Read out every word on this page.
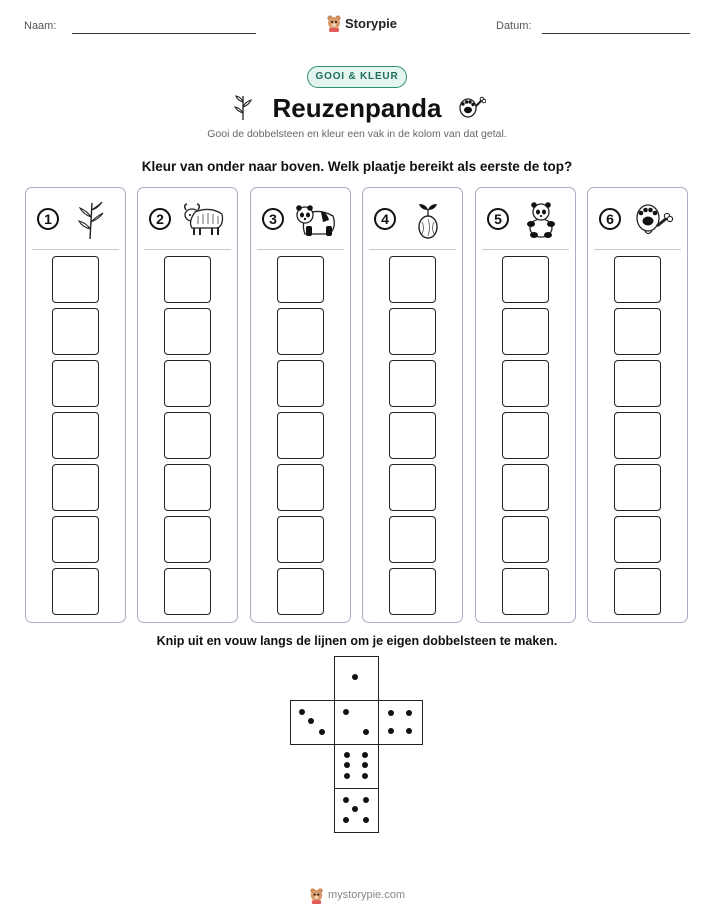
Naam:	Storypie	Datum:
GOOI & KLEUR
Reuzenpanda
Gooi de dobbelsteen en kleur een vak in de kolom van dat getal.
Kleur van onder naar boven. Welk plaatje bereikt als eerste de top?
1	2	3	4	5	6
Knip uit en vouw langs de lijnen om je eigen dobbelsteen te maken.
mystorypie.com
